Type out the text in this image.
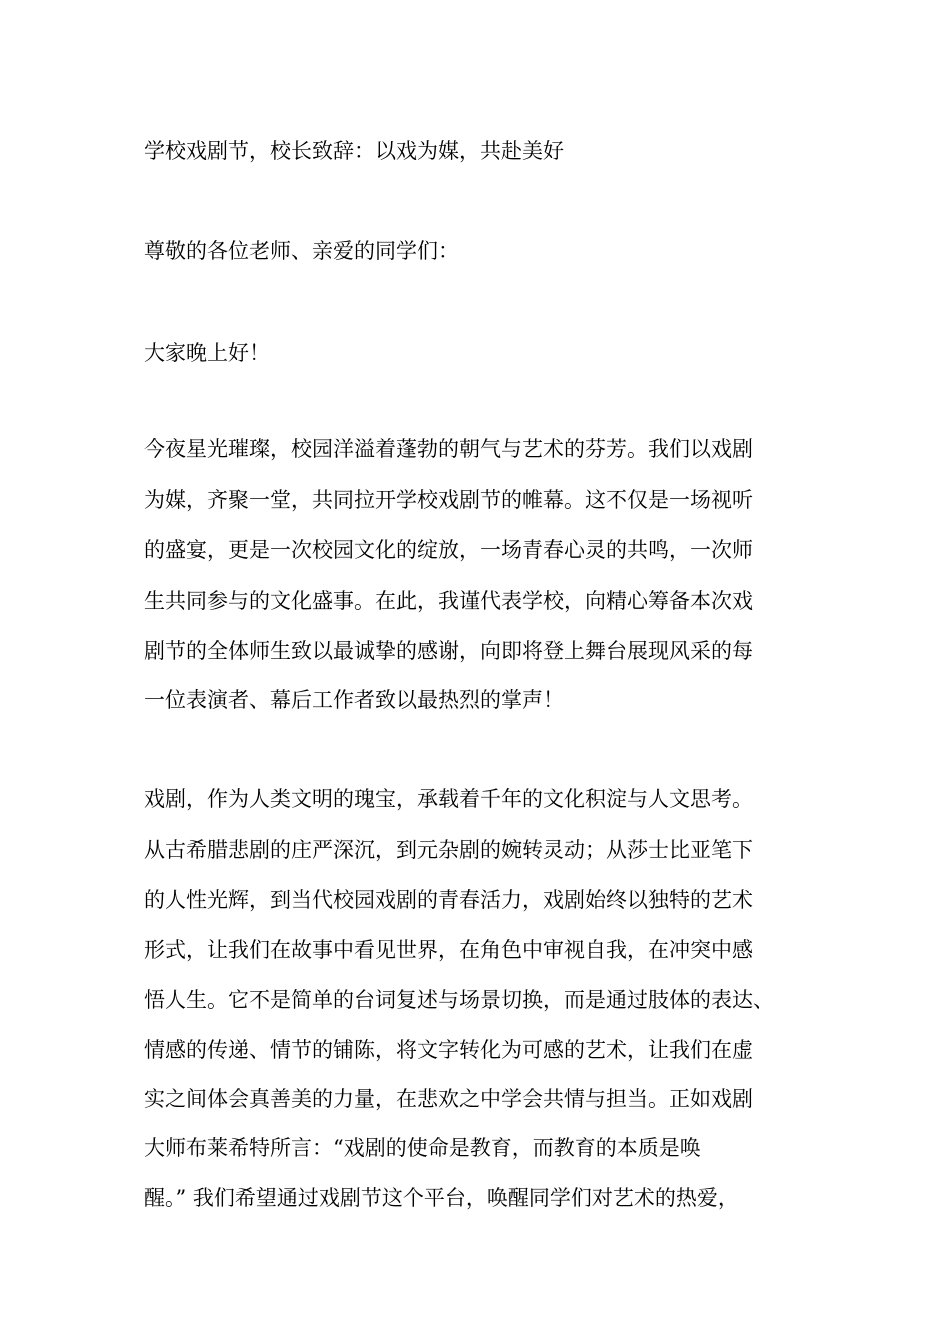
学校戏剧节，校长致辞：以戏为媒，共赴美好

尊敬的各位老师、亲爱的同学们：

大家晚上好！

今夜星光璀璨，校园洋溢着蓬勃的朝气与艺术的芬芳。我们以戏剧

为媒，齐聚一堂，共同拉开学校戏剧节的帷幕。这不仅是一场视听

的盛宴，更是一次校园文化的绽放，一场青春心灵的共鸣，一次师

生共同参与的文化盛事。在此，我谨代表学校，向精心筹备本次戏

剧节的全体师生致以最诚挚的感谢，向即将登上舞台展现风采的每

一位表演者、幕后工作者致以最热烈的掌声！

戏剧，作为人类文明的瑰宝，承载着千年的文化积淀与人文思考。

从古希腊悲剧的庄严深沉，到元杂剧的婉转灵动；从莎士比亚笔下

的人性光辉，到当代校园戏剧的青春活力，戏剧始终以独特的艺术

形式，让我们在故事中看见世界，在角色中审视自我，在冲突中感

悟人生。它不是简单的台词复述与场景切换，而是通过肢体的表达、

情感的传递、情节的铺陈，将文字转化为可感的艺术，让我们在虚

实之间体会真善美的力量，在悲欢之中学会共情与担当。正如戏剧

大师布莱希特所言：“戏剧的使命是教育，而教育的本质是唤

醒。” 我们希望通过戏剧节这个平台，唤醒同学们对艺术的热爱，
